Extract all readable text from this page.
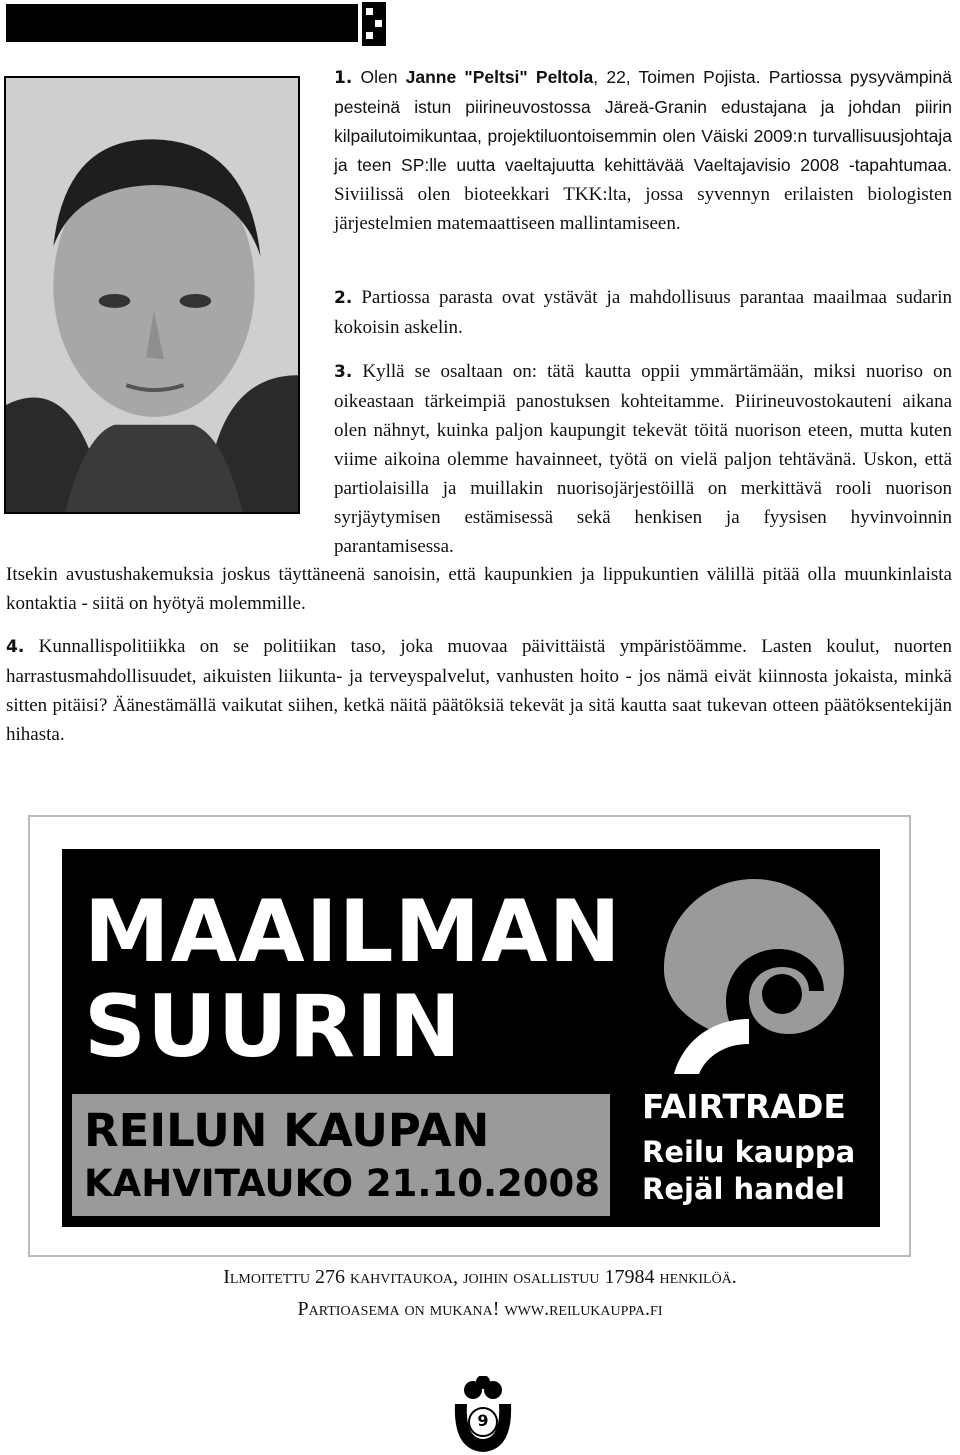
1. Olen Janne "Peltsi" Peltola, 22, Toimen Pojista. Partiossa pysyvämpinä pesteinä istun piirineuvostossa Järeä-Granin edustajana ja johdan piirin kilpailutoimikuntaa, projektiluontoisemmin olen Väiski 2009:n turvallisuusjohtaja ja teen SP:lle uutta vaeltajuutta kehittävää Vaeltajavisio 2008 -tapahtumaa. Siviilissä olen bioteekkari TKK:lta, jossa syvennyn erilaisten biologisten järjestelmien matemaattiseen mallintamiseen.
2. Partiossa parasta ovat ystävät ja mahdollisuus parantaa maailmaa sudarin kokoisin askelin.
3. Kyllä se osaltaan on: tätä kautta oppii ymmärtämään, miksi nuoriso on oikeastaan tärkeimpiä panostuksen kohteitamme. Piirineuvostokauteni aikana olen nähnyt, kuinka paljon kaupungit tekevät töitä nuorison eteen, mutta kuten viime aikoina olemme havainneet, työtä on vielä paljon tehtävänä. Uskon, että partiolaisilla ja muillakin nuorisojärjestöillä on merkittävä rooli nuorison syrjäytymisen estämisessä sekä henkisen ja fyysisen hyvinvoinnin parantamisessa.
Itsekin avustushakemuksia joskus täyttäneenä sanoisin, että kaupunkien ja lippukuntien välillä pitää olla muunkinlaista kontaktia - siitä on hyötyä molemmille.
4. Kunnallispolitiikka on se politiikan taso, joka muovaa päivittäistä ympäristöämme. Lasten koulut, nuorten harrastusmahdollisuudet, aikuisten liikunta- ja terveyspalvelut, vanhusten hoito - jos nämä eivät kiinnosta jokaista, minkä sitten pitäisi? Äänestämällä vaikutat siihen, ketkä näitä päätöksiä tekevät ja sitä kautta saat tukevan otteen päätöksentekijän hihasta.
MAAILMAN
SUURIN
REILUN KAUPAN
KAHVITAUKO 21.10.2008
FAIRTRADE
Reilu kauppa
Rejäl handel
Ilmoitettu 276 kahvitaukoa, joihin osallistuu 17984 henkilöä.
Partioasema on mukana! www.reilukauppa.fi
9
